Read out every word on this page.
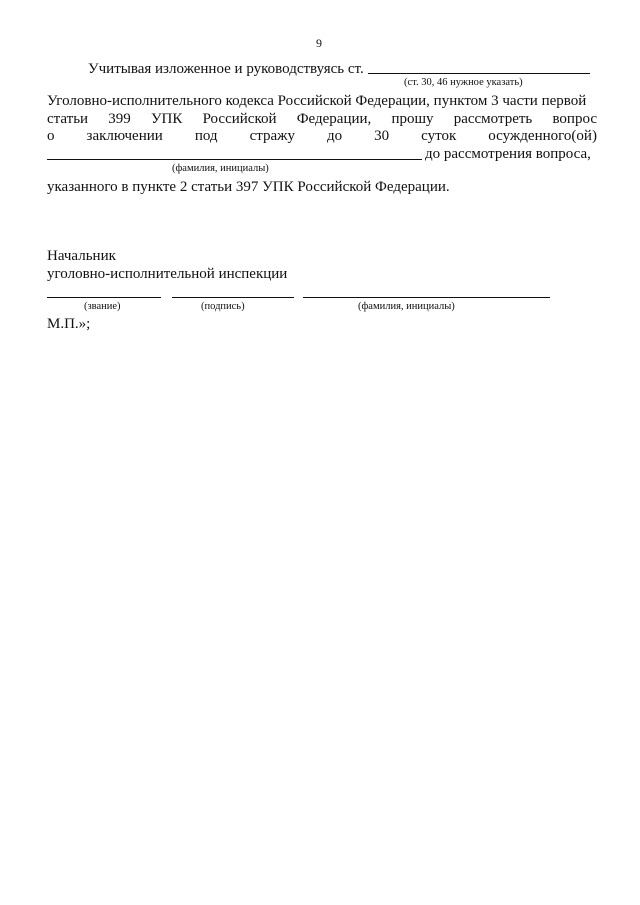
9
Учитывая изложенное и руководствуясь ст.
(ст. 30, 46 нужное указать)
Уголовно-исполнительного кодекса Российской Федерации, пунктом 3 части первой
статьи 399 УПК Российской Федерации, прошу рассмотреть вопрос
о заключении под стражу до 30 суток осужденного(ой)
до рассмотрения вопроса,
(фамилия, инициалы)
указанного в пункте 2 статьи 397 УПК Российской Федерации.
Начальник
уголовно-исполнительной инспекции
(звание)	(подпись)	(фамилия, инициалы)
М.П.»;
